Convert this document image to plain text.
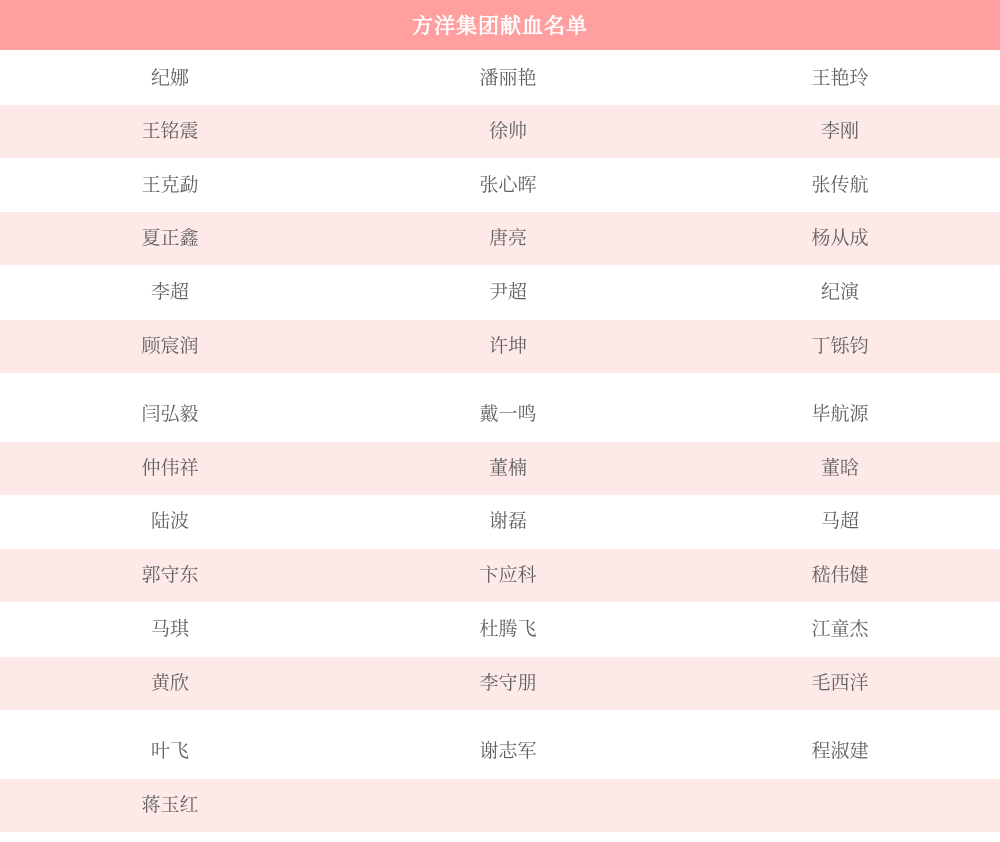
方洋集团献血名单
纪娜	潘丽艳	王艳玲
王铭震	徐帅	李刚
王克勐	张心晖	张传航
夏正鑫	唐亮	杨从成
李超	尹超	纪演
顾宸润	许坤	丁铄钧
闫弘毅	戴一鸣	毕航源
仲伟祥	董楠	董晗
陆波	谢磊	马超
郭守东	卞应科	嵇伟健
马琪	杜腾飞	江童杰
黄欣	李守朋	毛西洋
叶飞	谢志军	程淑建
蒋玉红
